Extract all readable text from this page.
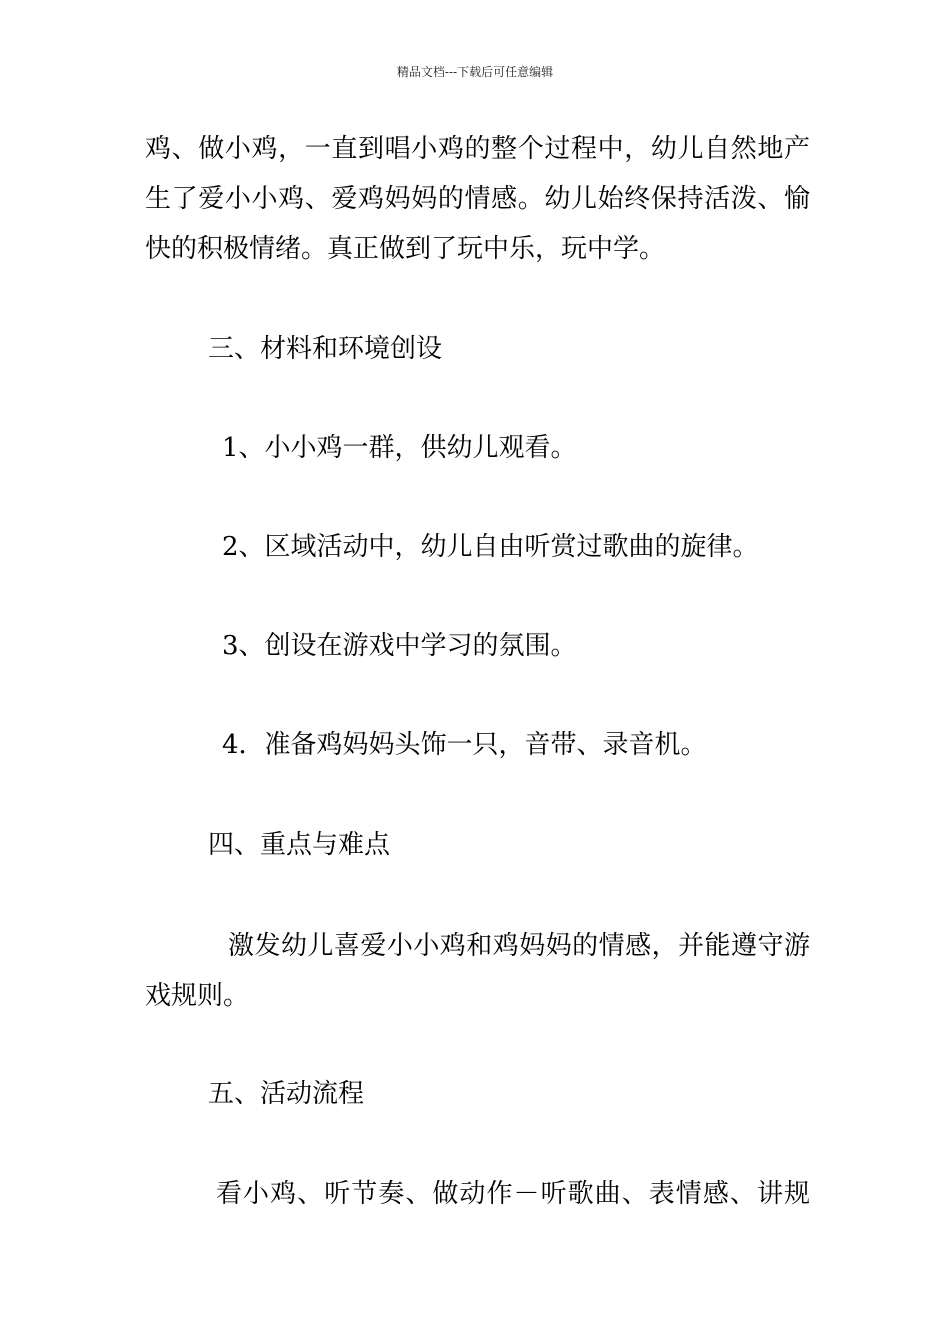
精品文档---下载后可任意编辑
鸡、做小鸡，一直到唱小鸡的整个过程中，幼儿自然地产
生了爱小小鸡、爱鸡妈妈的情感。幼儿始终保持活泼、愉
快的积极情绪。真正做到了玩中乐，玩中学。
三、材料和环境创设
1、小小鸡一群，供幼儿观看。
2、区域活动中，幼儿自由听赏过歌曲的旋律。
3、创设在游戏中学习的氛围。
4．准备鸡妈妈头饰一只，音带、录音机。
四、重点与难点
激发幼儿喜爱小小鸡和鸡妈妈的情感，并能遵守游
戏规则。
五、活动流程
看小鸡、听节奏、做动作－听歌曲、表情感、讲规
